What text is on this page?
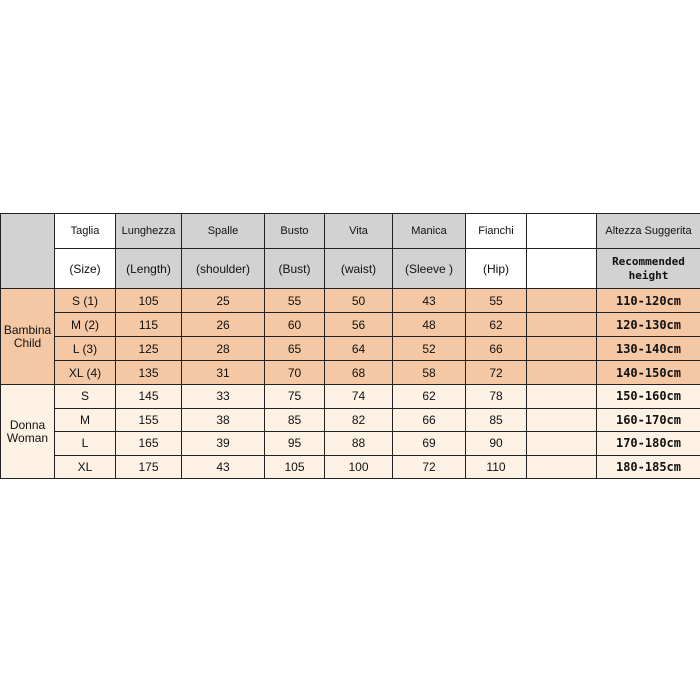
	Taglia	Lunghezza	Spalle	Busto	Vita	Manica	Fianchi		Altezza Suggerita
	(Size)	(Length)	(shoulder)	(Bust)	(waist)	(Sleeve )	(Hip)		Recommended height

Bambina
Child	S (1)	105	25	55	50	43	55		110-120cm
	M (2)	115	26	60	56	48	62		120-130cm
	L (3)	125	28	65	64	52	66		130-140cm
	XL (4)	135	31	70	68	58	72		140-150cm

Donna
Woman	S	145	33	75	74	62	78		150-160cm
	M	155	38	85	82	66	85		160-170cm
	L	165	39	95	88	69	90		170-180cm
	XL	175	43	105	100	72	110		180-185cm
